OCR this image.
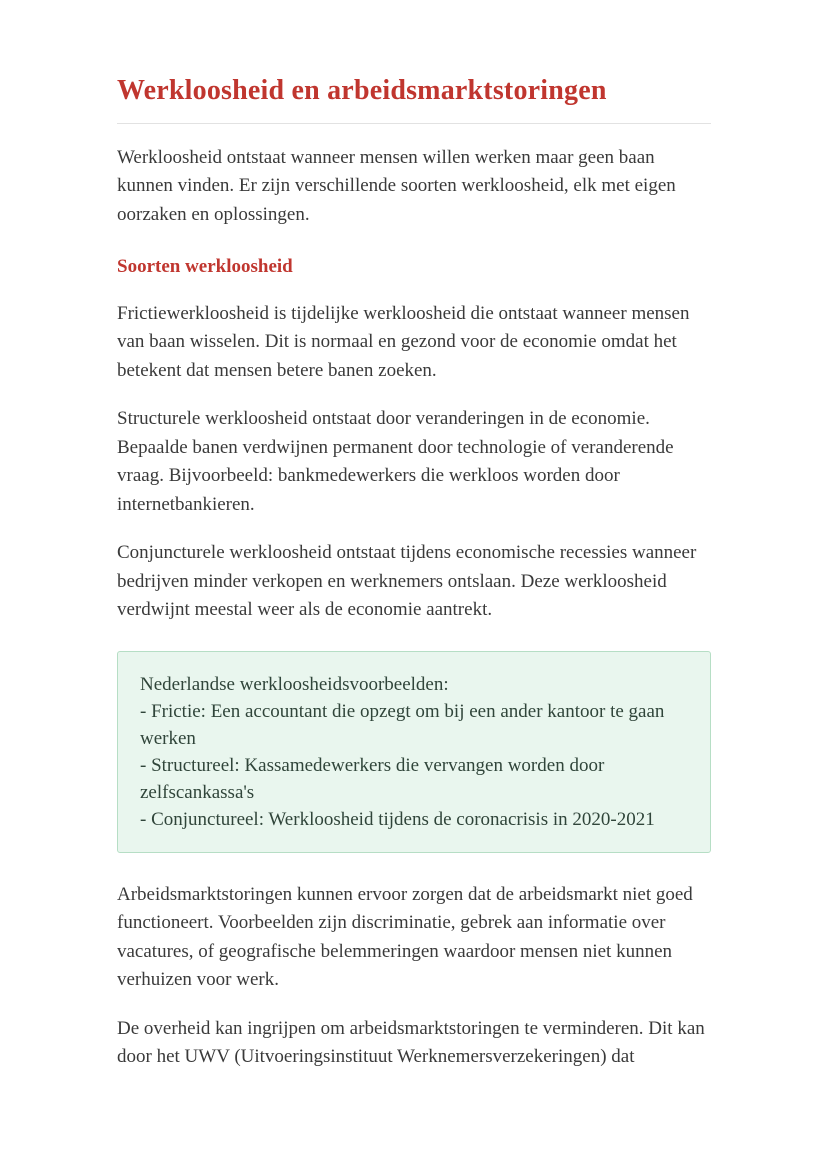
Werkloosheid en arbeidsmarktstoringen

Werkloosheid ontstaat wanneer mensen willen werken maar geen baan kunnen vinden. Er zijn verschillende soorten werkloosheid, elk met eigen oorzaken en oplossingen.

Soorten werkloosheid

Frictiewerkloosheid is tijdelijke werkloosheid die ontstaat wanneer mensen van baan wisselen. Dit is normaal en gezond voor de economie omdat het betekent dat mensen betere banen zoeken.

Structurele werkloosheid ontstaat door veranderingen in de economie. Bepaalde banen verdwijnen permanent door technologie of veranderende vraag. Bijvoorbeeld: bankmedewerkers die werkloos worden door internetbankieren.

Conjuncturele werkloosheid ontstaat tijdens economische recessies wanneer bedrijven minder verkopen en werknemers ontslaan. Deze werkloosheid verdwijnt meestal weer als de economie aantrekt.

Nederlandse werkloosheidsvoorbeelden:
- Frictie: Een accountant die opzegt om bij een ander kantoor te gaan werken
- Structureel: Kassamedewerkers die vervangen worden door zelfscankassa's
- Conjunctureel: Werkloosheid tijdens de coronacrisis in 2020-2021

Arbeidsmarktstoringen kunnen ervoor zorgen dat de arbeidsmarkt niet goed functioneert. Voorbeelden zijn discriminatie, gebrek aan informatie over vacatures, of geografische belemmeringen waardoor mensen niet kunnen verhuizen voor werk.

De overheid kan ingrijpen om arbeidsmarktstoringen te verminderen. Dit kan door het UWV (Uitvoeringsinstituut Werknemersverzekeringen) dat
